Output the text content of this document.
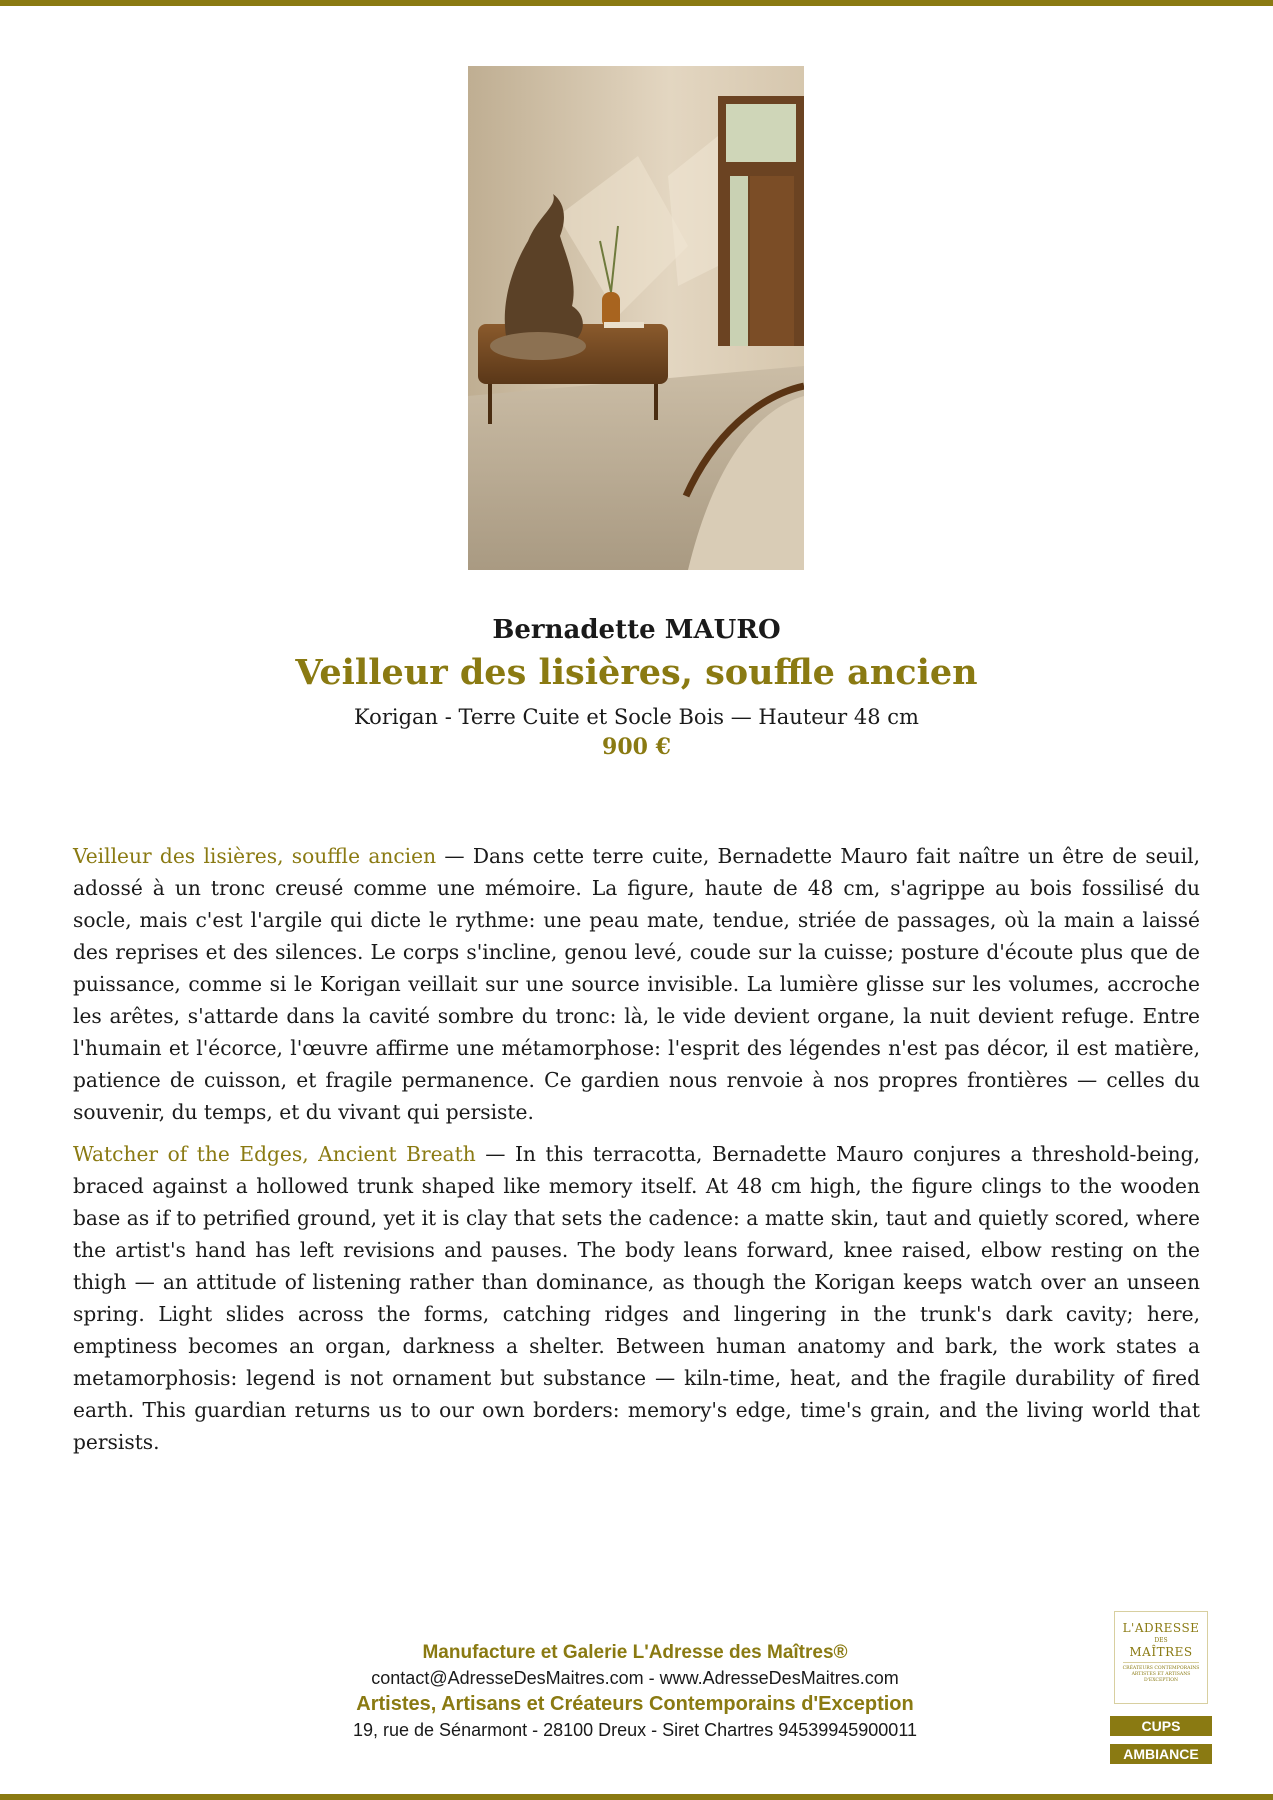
Bernadette MAURO
Veilleur des lisières, souffle ancien
Korigan - Terre Cuite et Socle Bois — Hauteur 48 cm
900 €

Veilleur des lisières, souffle ancien — Dans cette terre cuite, Bernadette Mauro fait naître un être de seuil, adossé à un tronc creusé comme une mémoire. La figure, haute de 48 cm, s'agrippe au bois fossilisé du socle, mais c'est l'argile qui dicte le rythme: une peau mate, tendue, striée de passages, où la main a laissé des reprises et des silences. Le corps s'incline, genou levé, coude sur la cuisse; posture d'écoute plus que de puissance, comme si le Korigan veillait sur une source invisible. La lumière glisse sur les volumes, accroche les arêtes, s'attarde dans la cavité sombre du tronc: là, le vide devient organe, la nuit devient refuge. Entre l'humain et l'écorce, l'œuvre affirme une métamorphose: l'esprit des légendes n'est pas décor, il est matière, patience de cuisson, et fragile permanence. Ce gardien nous renvoie à nos propres frontières — celles du souvenir, du temps, et du vivant qui persiste.

Watcher of the Edges, Ancient Breath — In this terracotta, Bernadette Mauro conjures a threshold-being, braced against a hollowed trunk shaped like memory itself. At 48 cm high, the figure clings to the wooden base as if to petrified ground, yet it is clay that sets the cadence: a matte skin, taut and quietly scored, where the artist's hand has left revisions and pauses. The body leans forward, knee raised, elbow resting on the thigh — an attitude of listening rather than dominance, as though the Korigan keeps watch over an unseen spring. Light slides across the forms, catching ridges and lingering in the trunk's dark cavity; here, emptiness becomes an organ, darkness a shelter. Between human anatomy and bark, the work states a metamorphosis: legend is not ornament but substance — kiln-time, heat, and the fragile durability of fired earth. This guardian returns us to our own borders: memory's edge, time's grain, and the living world that persists.

Manufacture et Galerie L'Adresse des Maîtres®
contact@AdresseDesMaitres.com - www.AdresseDesMaitres.com
Artistes, Artisans et Créateurs Contemporains d'Exception
19, rue de Sénarmont - 28100 Dreux - Siret Chartres 94539945900011
L'ADRESSE
DES
MAÎTRES
CRÉATEURS CONTEMPORAINS ARTISTES ET ARTISANS D'EXCEPTION
CUPS
AMBIANCE
